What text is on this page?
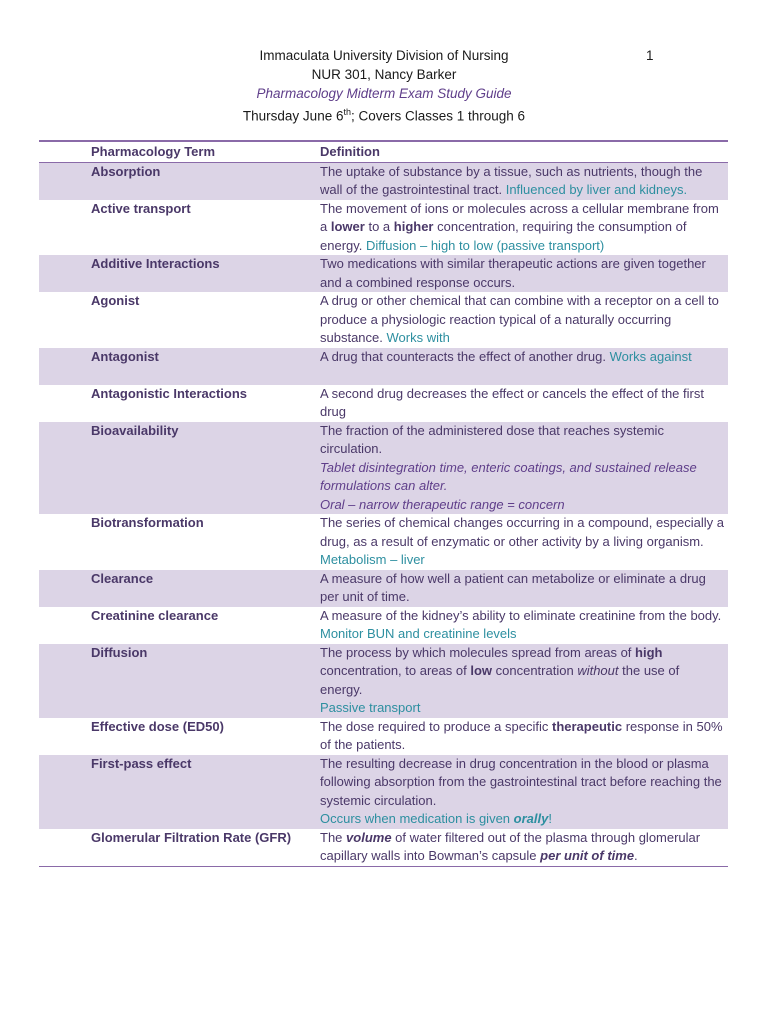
Immaculata University Division of Nursing
NUR 301, Nancy Barker
Pharmacology Midterm Exam Study Guide
Thursday June 6th; Covers Classes 1 through 6
1
Pharmacology Term	Definition
Absorption	The uptake of substance by a tissue, such as nutrients, though the wall of the gastrointestinal tract. Influenced by liver and kidneys.
Active transport	The movement of ions or molecules across a cellular membrane from a lower to a higher concentration, requiring the consumption of energy. Diffusion – high to low (passive transport)
Additive Interactions	Two medications with similar therapeutic actions are given together and a combined response occurs.
Agonist	A drug or other chemical that can combine with a receptor on a cell to produce a physiologic reaction typical of a naturally occurring substance. Works with
Antagonist	A drug that counteracts the effect of another drug. Works against
Antagonistic Interactions	A second drug decreases the effect or cancels the effect of the first drug
Bioavailability	The fraction of the administered dose that reaches systemic circulation.
Tablet disintegration time, enteric coatings, and sustained release formulations can alter.
Oral – narrow therapeutic range = concern

Biotransformation	The series of chemical changes occurring in a compound, especially a drug, as a result of enzymatic or other activity by a living organism.
Metabolism – liver

Clearance	A measure of how well a patient can metabolize or eliminate a drug per unit of time.
Creatinine clearance	A measure of the kidney’s ability to eliminate creatinine from the body.
Monitor BUN and creatinine levels

Diffusion	The process by which molecules spread from areas of high concentration, to areas of low concentration without the use of energy.
Passive transport

Effective dose (ED50)	The dose required to produce a specific therapeutic response in 50% of the patients.
First-pass effect	The resulting decrease in drug concentration in the blood or plasma following absorption from the gastrointestinal tract before reaching the systemic circulation.
Occurs when medication is given orally!

Glomerular Filtration Rate (GFR)	The volume of water filtered out of the plasma through glomerular capillary walls into Bowman’s capsule per unit of time.
